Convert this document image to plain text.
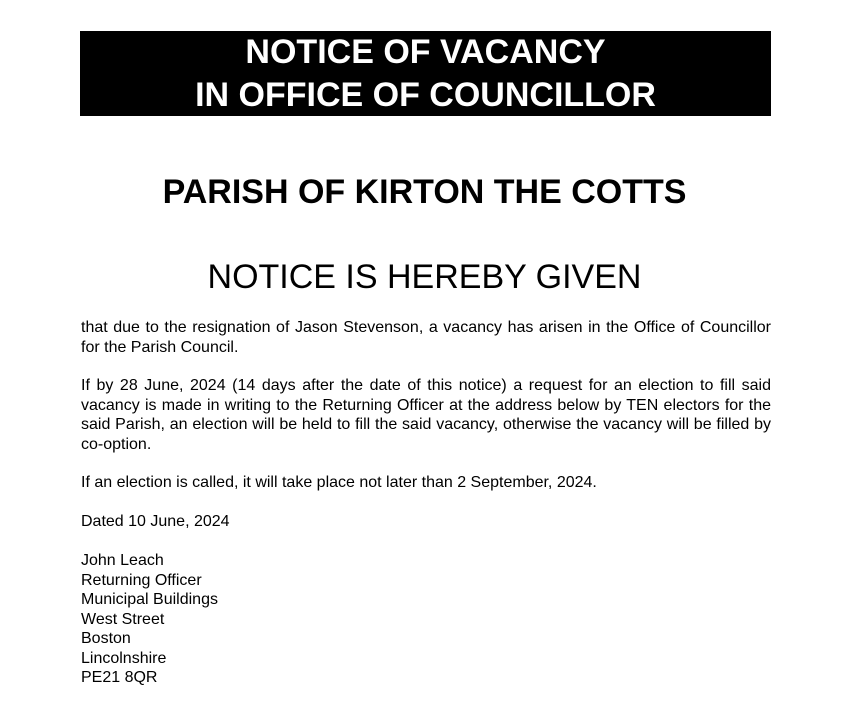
NOTICE OF VACANCY
IN OFFICE OF COUNCILLOR
PARISH OF KIRTON THE COTTS
NOTICE IS HEREBY GIVEN
that due to the resignation of Jason Stevenson, a vacancy has arisen in the Office of Councillor for the Parish Council.
If by 28 June, 2024 (14 days after the date of this notice) a request for an election to fill said vacancy is made in writing to the Returning Officer at the address below by TEN electors for the said Parish, an election will be held to fill the said vacancy, otherwise the vacancy will be filled by co-option.
If an election is called, it will take place not later than 2 September, 2024.
Dated 10 June, 2024
John Leach
Returning Officer
Municipal Buildings
West Street
Boston
Lincolnshire
PE21 8QR
